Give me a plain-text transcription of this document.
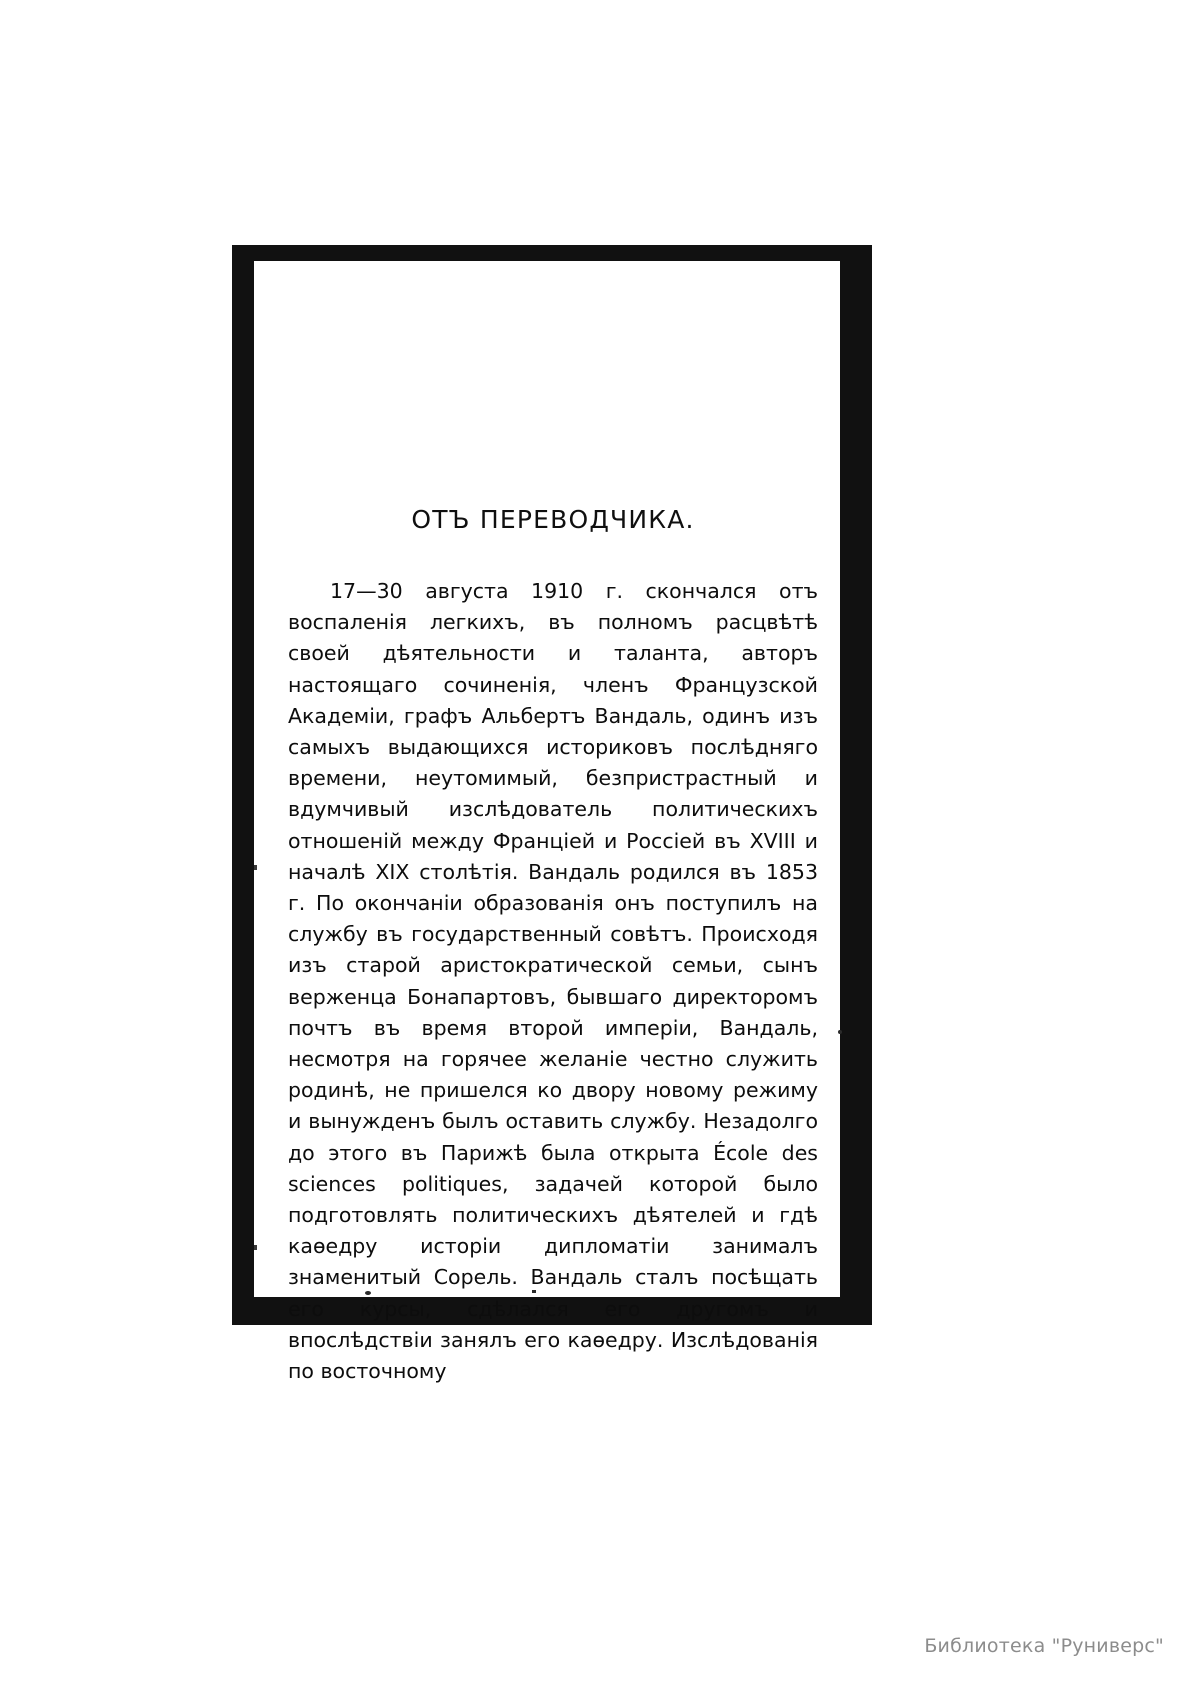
ОТЪ ПЕРЕВОДЧИКА.

17—30 августа 1910 г. скончался отъ воспаленія легкихъ, въ полномъ расцвѣтѣ своей дѣятельности и таланта, авторъ настоящаго сочиненія, членъ Французской Академіи, графъ Альбертъ Вандаль, одинъ изъ самыхъ выдающихся историковъ послѣдняго времени, неутомимый, безпристрастный и вдумчивый изслѣдователь политическихъ отношеній между Франціей и Россіей въ XVIII и началѣ XIX столѣтія. Вандаль родился въ 1853 г. По окончаніи образованія онъ поступилъ на службу въ государственный совѣтъ. Происходя изъ старой аристократической семьи, сынъ верженца Бонапартовъ, бывшаго директоромъ почтъ въ время второй имперіи, Вандаль, несмотря на горячее желаніе честно служить родинѣ, не пришелся ко двору новому режиму и вынужденъ былъ оставить службу. Незадолго до этого въ Парижѣ была открыта École des sciences politiques, задачей которой было подготовлять политическихъ дѣятелей и гдѣ каѳедру исторіи дипломатіи занималъ знаменитый Сорель. Вандаль сталъ посѣщать его курсы, сдѣлался его другомъ и впослѣдствіи занялъ его каѳедру. Изслѣдованія по восточному

Библиотека "Руниверс"
